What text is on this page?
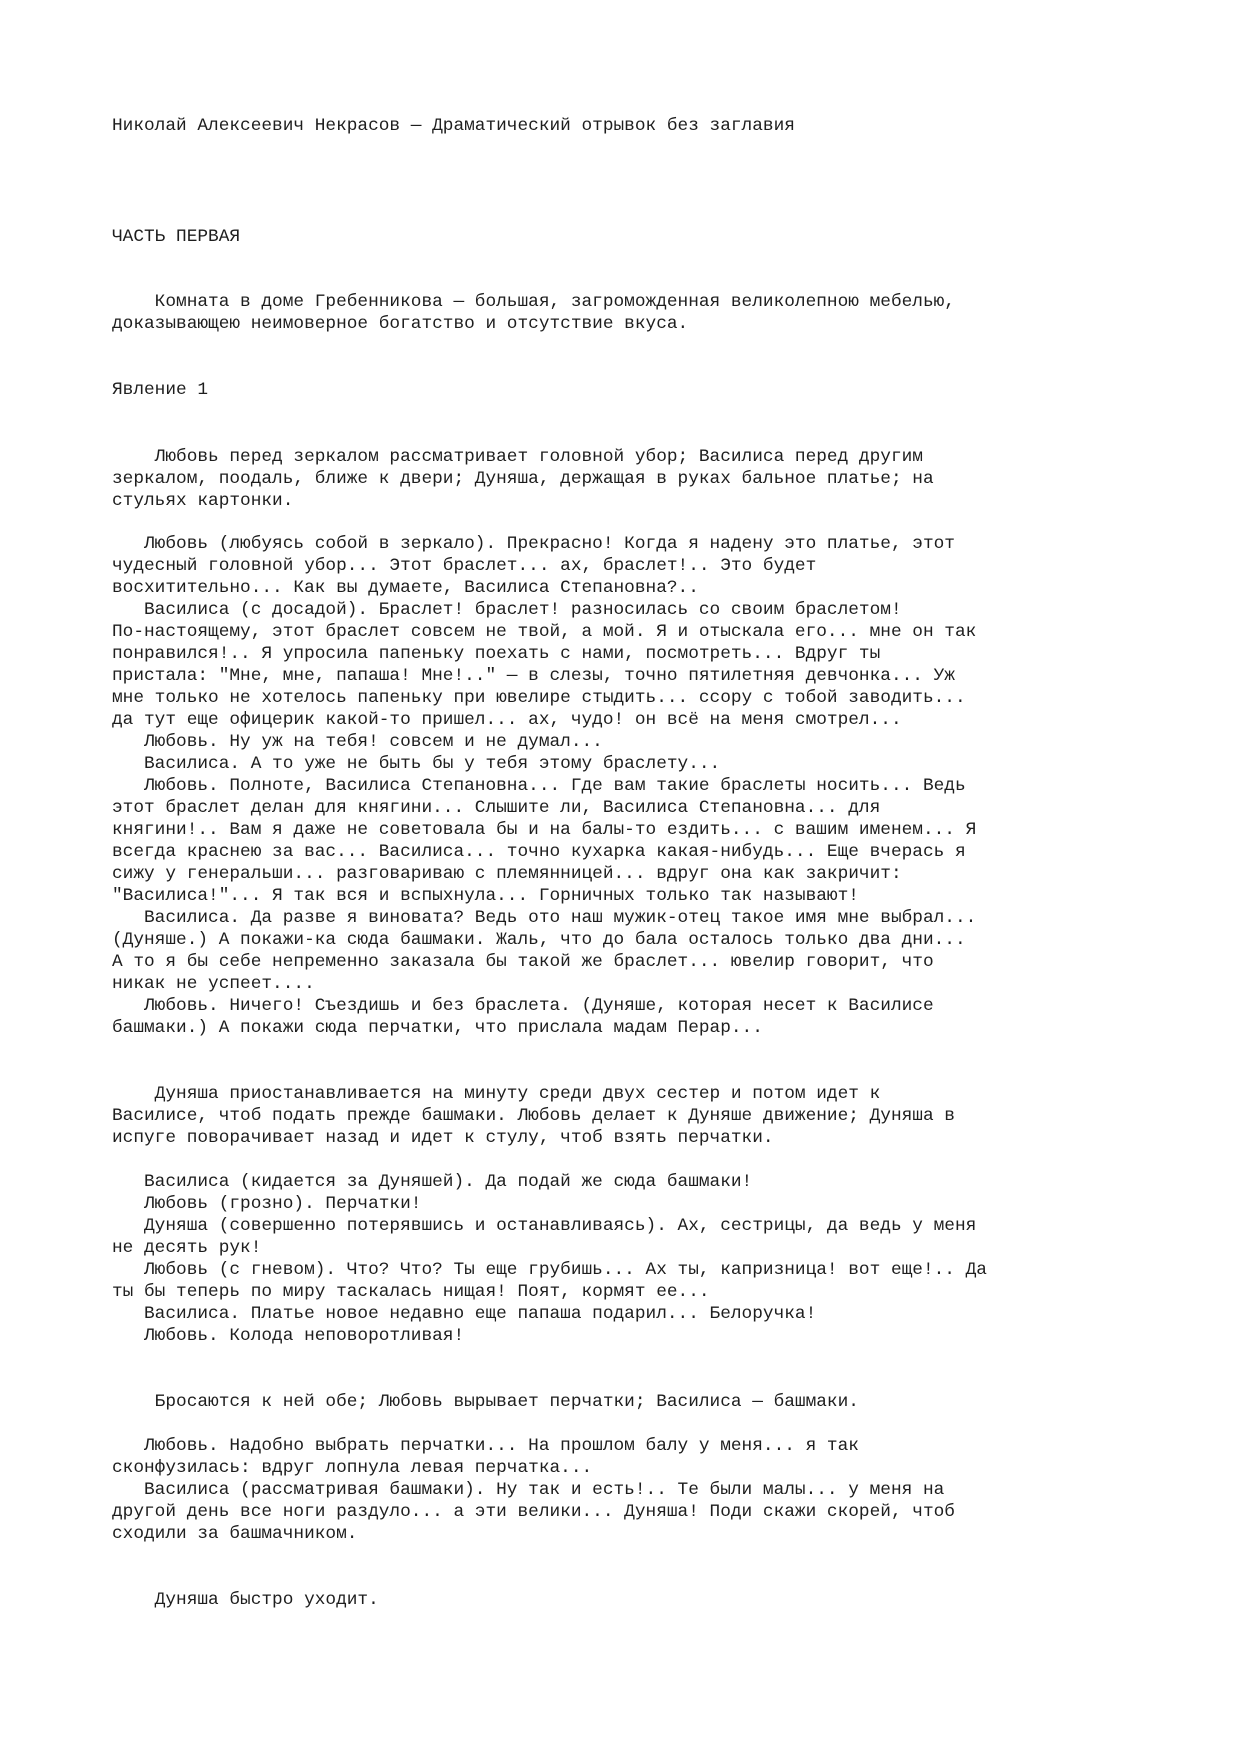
Николай Алексеевич Некрасов — Драматический отрывок без заглавия

ЧАСТЬ ПЕРВАЯ

Комната в доме Гребенникова — большая, загроможденная великолепною мебелью,

доказывающею неимоверное богатство и отсутствие вкуса.

Явление 1

Любовь перед зеркалом рассматривает головной убор; Василиса перед другим

зеркалом, поодаль, ближе к двери; Дуняша, держащая в руках бальное платье; на

стульях картонки.

Любовь (любуясь собой в зеркало). Прекрасно! Когда я надену это платье, этот

чудесный головной убор... Этот браслет... ах, браслет!.. Это будет

восхитительно... Как вы думаете, Василиса Степановна?..

Василиса (с досадой). Браслет! браслет! разносилась со своим браслетом!

По-настоящему, этот браслет совсем не твой, а мой. Я и отыскала его... мне он так

понравился!.. Я упросила папеньку поехать с нами, посмотреть... Вдруг ты

пристала: "Мне, мне, папаша! Мне!.." — в слезы, точно пятилетняя девчонка... Уж

мне только не хотелось папеньку при ювелире стыдить... ссору с тобой заводить...

да тут еще офицерик какой-то пришел... ах, чудо! он всё на меня смотрел...

Любовь. Ну уж на тебя! совсем и не думал...

Василиса. А то уже не быть бы у тебя этому браслету...

Любовь. Полноте, Василиса Степановна... Где вам такие браслеты носить... Ведь

этот браслет делан для княгини... Слышите ли, Василиса Степановна... для

княгини!.. Вам я даже не советовала бы и на балы-то ездить... с вашим именем... Я

всегда краснею за вас... Василиса... точно кухарка какая-нибудь... Еще вчерась я

сижу у генеральши... разговариваю с племянницей... вдруг она как закричит:

"Василиса!"... Я так вся и вспыхнула... Горничных только так называют!

Василиса. Да разве я виновата? Ведь ото наш мужик-отец такое имя мне выбрал...

(Дуняше.) А покажи-ка сюда башмаки. Жаль, что до бала осталось только два дни...

А то я бы себе непременно заказала бы такой же браслет... ювелир говорит, что

никак не успеет....

Любовь. Ничего! Съездишь и без браслета. (Дуняше, которая несет к Василисе

башмаки.) А покажи сюда перчатки, что прислала мадам Перар...

Дуняша приостанавливается на минуту среди двух сестер и потом идет к

Василисе, чтоб подать прежде башмаки. Любовь делает к Дуняше движение; Дуняша в

испуге поворачивает назад и идет к стулу, чтоб взять перчатки.

Василиса (кидается за Дуняшей). Да подай же сюда башмаки!

Любовь (грозно). Перчатки!

Дуняша (совершенно потерявшись и останавливаясь). Ах, сестрицы, да ведь у меня

не десять рук!

Любовь (с гневом). Что? Что? Ты еще грубишь... Ах ты, капризница! вот еще!.. Да

ты бы теперь по миру таскалась нищая! Поят, кормят ее...

Василиса. Платье новое недавно еще папаша подарил... Белоручка!

Любовь. Колода неповоротливая!

Бросаются к ней обе; Любовь вырывает перчатки; Василиса — башмаки.

Любовь. Надобно выбрать перчатки... На прошлом балу у меня... я так

сконфузилась: вдруг лопнула левая перчатка...

Василиса (рассматривая башмаки). Ну так и есть!.. Те были малы... у меня на

другой день все ноги раздуло... а эти велики... Дуняша! Поди скажи скорей, чтоб

сходили за башмачником.

Дуняша быстро уходит.
